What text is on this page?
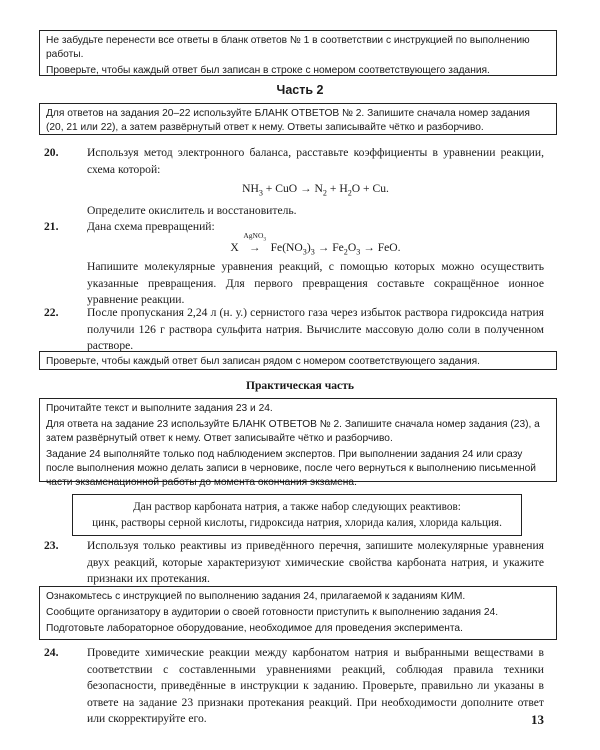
Не забудьте перенести все ответы в бланк ответов № 1 в соответствии с инструкцией по выполнению работы.

Проверьте, чтобы каждый ответ был записан в строке с номером соответствующего задания.

Часть 2

Для ответов на задания 20–22 используйте БЛАНК ОТВЕТОВ № 2. Запишите сначала номер задания (20, 21 или 22), а затем развёрнутый ответ к нему. Ответы записывайте чётко и разборчиво.

20. Используя метод электронного баланса, расставьте коэффициенты в уравнении реакции, схема которой:

$NH_3$ + CuO → $N_2 + H_2O + Cu$.

Определите окислитель и восстановитель.

21. Дана схема превращений:

X
AgNO$_3$
→ $Fe(NO_3)_3 \to Fe_2O_3$ → FeO.

Напишите молекулярные уравнения реакций, с помощью которых можно осуществить указанные превращения. Для первого превращения составьте сокращённое ионное уравнение реакции.

22. После пропускания 2,24 л (н. у.) сернистого газа через избыток раствора гидроксида натрия получили 126 г раствора сульфита натрия. Вычислите массовую долю соли в полученном растворе.

Проверьте, чтобы каждый ответ был записан рядом с номером соответствующего задания.

Практическая часть

Прочитайте текст и выполните задания 23 и 24.

Для ответа на задание 23 используйте БЛАНК ОТВЕТОВ № 2. Запишите сначала номер задания (23), а затем развёрнутый ответ к нему. Ответ записывайте чётко и разборчиво.

Задание 24 выполняйте только под наблюдением экспертов. При выполнении задания 24 или сразу после выполнения можно делать записи в черновике, после чего вернуться к выполнению письменной части экзаменационной работы до момента окончания экзамена.

Дан раствор карбоната натрия, а также набор следующих реактивов:
цинк, растворы серной кислоты, гидроксида натрия, хлорида калия, хлорида кальция.
23. Используя только реактивы из приведённого перечня, запишите молекулярные уравнения двух реакций, которые характеризуют химические свойства карбоната натрия, и укажите признаки их протекания.

Ознакомьтесь с инструкцией по выполнению задания 24, прилагаемой к заданиям КИМ.

Сообщите организатору в аудитории о своей готовности приступить к выполнению задания 24.

Подготовьте лабораторное оборудование, необходимое для проведения эксперимента.

24. Проведите химические реакции между карбонатом натрия и выбранными веществами в соответствии с составленными уравнениями реакций, соблюдая правила техники безопасности, приведённые в инструкции к заданию. Проверьте, правильно ли указаны в ответе на задание 23 признаки протекания реакций. При необходимости дополните ответ или скорректируйте его.	13
